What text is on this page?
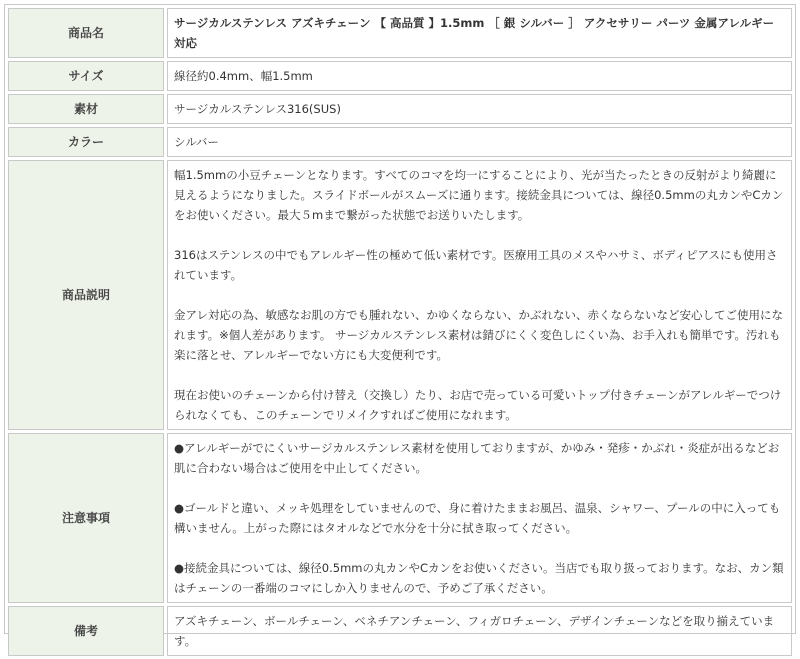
商品名	サージカルステンレス アズキチェーン 【 高品質 】1.5mm ［ 銀 シルバー ］ アクセサリー パーツ 金属アレルギー対応
サイズ	線径約0.4mm、幅1.5mm
素材	サージカルステンレス316(SUS)
カラー	シルバー
商品説明	幅1.5mmの小豆チェーンとなります。すべてのコマを均一にすることにより、光が当たったときの反射がより綺麗に見えるようになりました。スライドボールがスムーズに通ります。接続金具については、線径0.5mmの丸カンやCカンをお使いください。最大５mまで繋がった状態でお送りいたします。

316はステンレスの中でもアレルギー性の極めて低い素材です。医療用工具のメスやハサミ、ボディピアスにも使用されています。

金アレ対応の為、敏感なお肌の方でも腫れない、かゆくならない、かぶれない、赤くならないなど安心してご使用になれます。※個人差があります。 サージカルステンレス素材は錆びにくく変色しにくい為、お手入れも簡単です。汚れも楽に落とせ、アレルギーでない方にも大変便利です。

現在お使いのチェーンから付け替え（交換し）たり、お店で売っている可愛いトップ付きチェーンがアレルギーでつけられなくても、このチェーンでリメイクすればご使用になれます。

注意事項	●アレルギーがでにくいサージカルステンレス素材を使用しておりますが、かゆみ・発疹・かぶれ・炎症が出るなどお肌に合わない場合はご使用を中止してください。

●ゴールドと違い、メッキ処理をしていませんので、身に着けたままお風呂、温泉、シャワー、プールの中に入っても構いません。上がった際にはタオルなどで水分を十分に拭き取ってください。

●接続金具については、線径0.5mmの丸カンやCカンをお使いください。当店でも取り扱っております。なお、カン類はチェーンの一番端のコマにしか入りませんので、予めご了承ください。

備考	アズキチェーン、ボールチェーン、ベネチアンチェーン、フィガロチェーン、デザインチェーンなどを取り揃えています。
